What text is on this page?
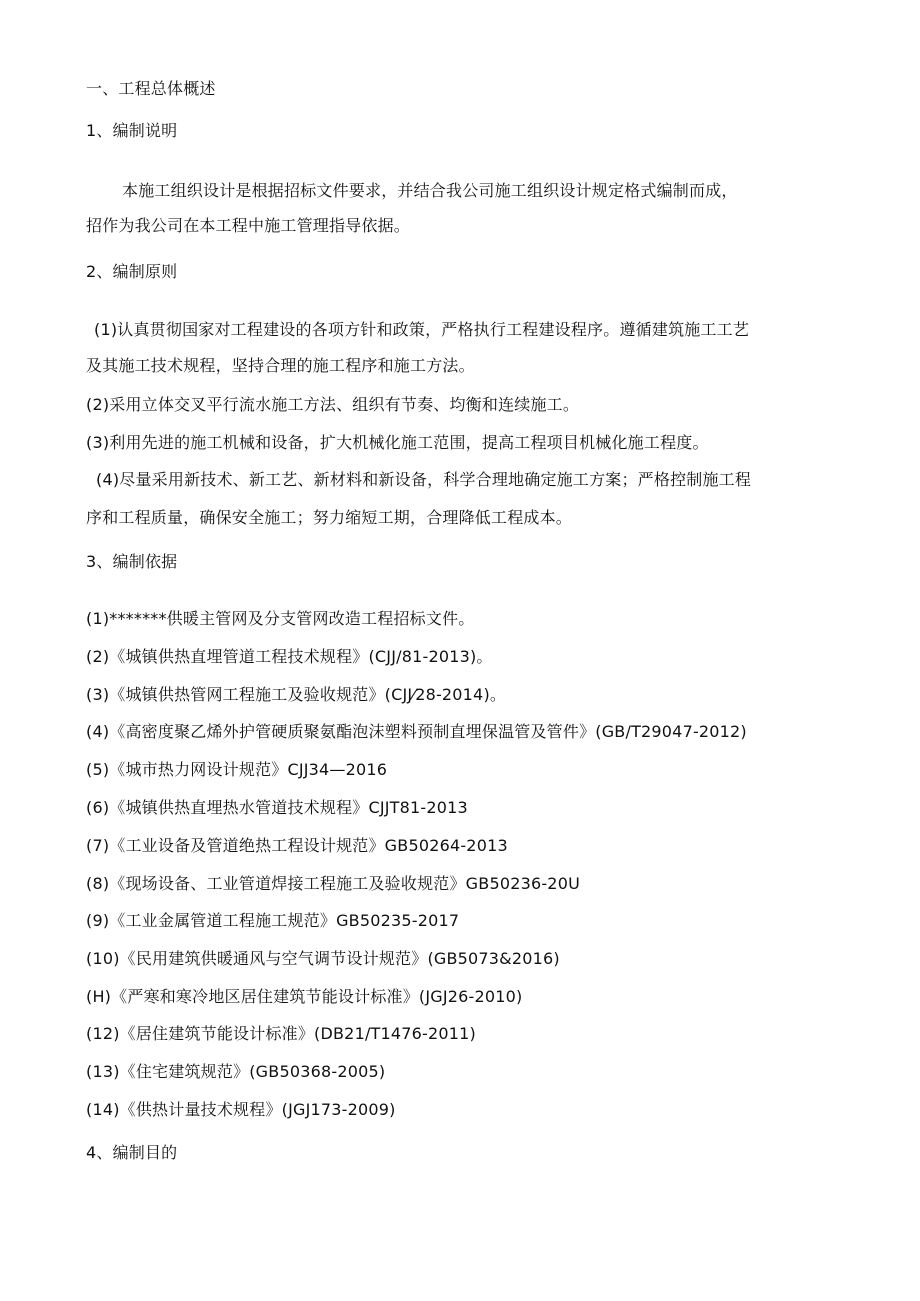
一、工程总体概述
1、编制说明
本施工组织设计是根据招标文件要求，并结合我公司施工组织设计规定格式编制而成，
招作为我公司在本工程中施工管理指导依据。
2、编制原则
(1)认真贯彻国家对工程建设的各项方针和政策，严格执行工程建设程序。遵循建筑施工工艺
及其施工技术规程，坚持合理的施工程序和施工方法。
(2)采用立体交叉平行流水施工方法、组织有节奏、均衡和连续施工。
(3)利用先进的施工机械和设备，扩大机械化施工范围，提高工程项目机械化施工程度。
(4)尽量采用新技术、新工艺、新材料和新设备，科学合理地确定施工方案；严格控制施工程
序和工程质量，确保安全施工；努力缩短工期，合理降低工程成本。
3、编制依据
(1)*******供暖主管网及分支管网改造工程招标文件。
(2)《城镇供热直埋管道工程技术规程》(CJJ/81-2013)。
(3)《城镇供热管网工程施工及验收规范》(CJJ⁄28-2014)。
(4)《高密度聚乙烯外护管硬质聚氨酯泡沫塑料预制直埋保温管及管件》(GB/T29047-2012)
(5)《城市热力网设计规范》CJJ34—2016
(6)《城镇供热直埋热水管道技术规程》CJJT81-2013
(7)《工业设备及管道绝热工程设计规范》GB50264-2013
(8)《现场设备、工业管道焊接工程施工及验收规范》GB50236-20U
(9)《工业金属管道工程施工规范》GB50235-2017
(10)《民用建筑供暖通风与空气调节设计规范》(GB5073&2016)
(H)《严寒和寒冷地区居住建筑节能设计标准》(JGJ26-2010)
(12)《居住建筑节能设计标准》(DB21/T1476-2011)
(13)《住宅建筑规范》(GB50368-2005)
(14)《供热计量技术规程》(JGJ173-2009)
4、编制目的
